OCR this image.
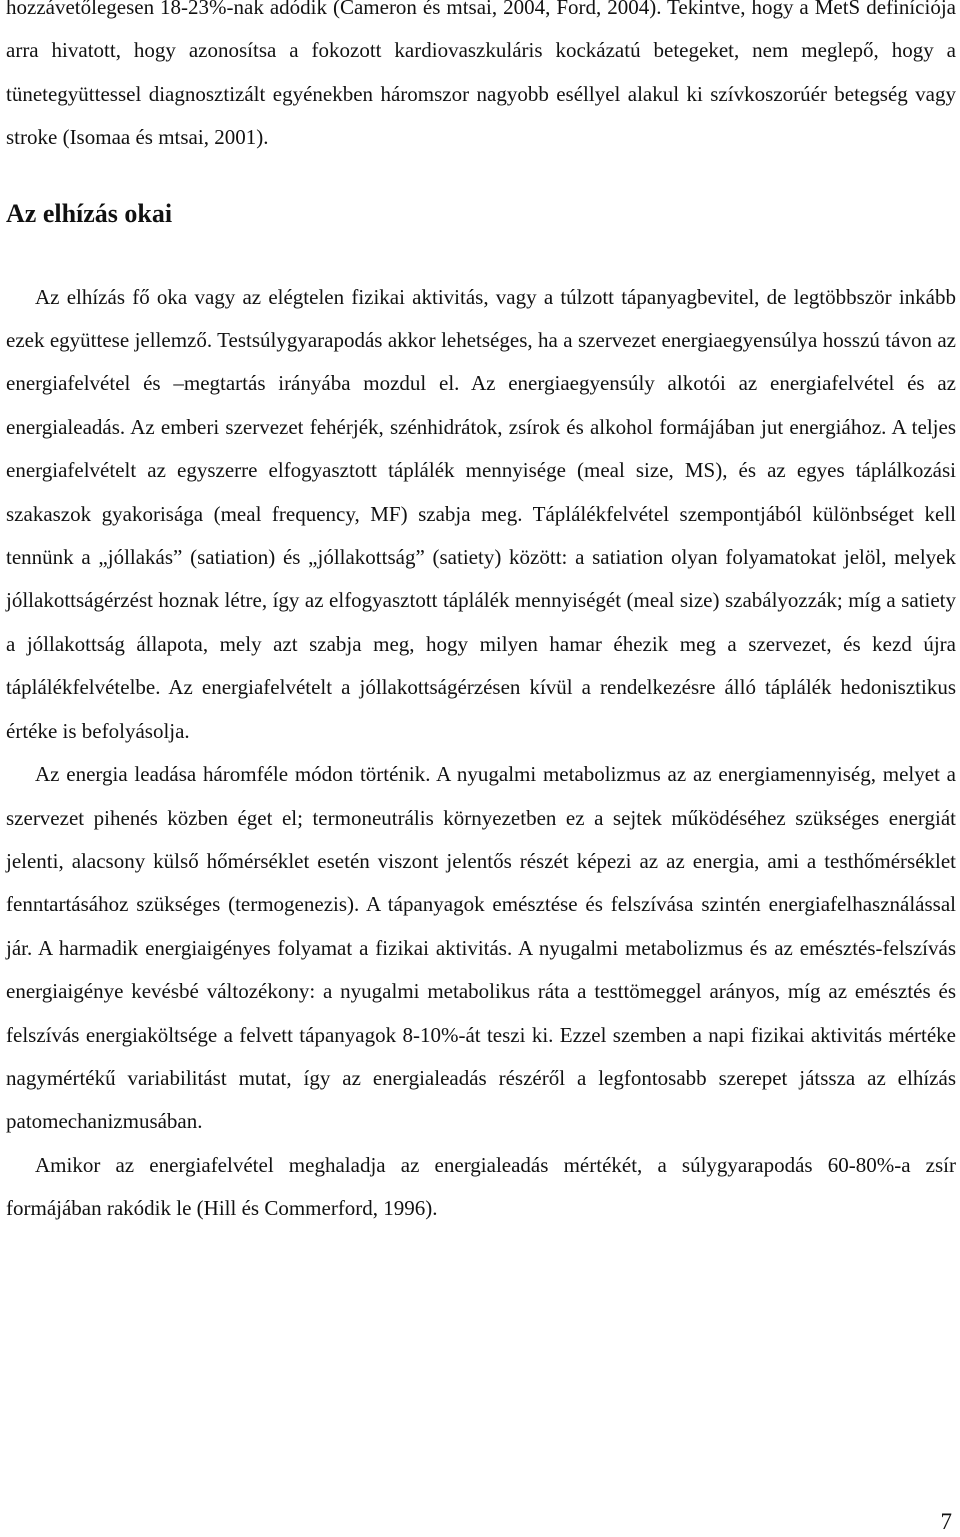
hozzávetőlegesen 18-23%-nak adódik (Cameron és mtsai, 2004, Ford, 2004). Tekintve, hogy a MetS definíciója arra hivatott, hogy azonosítsa a fokozott kardiovaszkuláris kockázatú betegeket, nem meglepő, hogy a tünetegyüttessel diagnosztizált egyénekben háromszor nagyobb eséllyel alakul ki szívkoszorúér betegség vagy stroke (Isomaa és mtsai, 2001).

Az elhízás okai

Az elhízás fő oka vagy az elégtelen fizikai aktivitás, vagy a túlzott tápanyagbevitel, de legtöbbször inkább ezek együttese jellemző. Testsúlygyarapodás akkor lehetséges, ha a szervezet energiaegyensúlya hosszú távon az energiafelvétel és –megtartás irányába mozdul el. Az energiaegyensúly alkotói az energiafelvétel és az energialeadás. Az emberi szervezet fehérjék, szénhidrátok, zsírok és alkohol formájában jut energiához. A teljes energiafelvételt az egyszerre elfogyasztott táplálék mennyisége (meal size, MS), és az egyes táplálkozási szakaszok gyakorisága (meal frequency, MF) szabja meg. Táplálékfelvétel szempontjából különbséget kell tennünk a „jóllakás” (satiation) és „jóllakottság” (satiety) között: a satiation olyan folyamatokat jelöl, melyek jóllakottságérzést hoznak létre, így az elfogyasztott táplálék mennyiségét (meal size) szabályozzák; míg a satiety a jóllakottság állapota, mely azt szabja meg, hogy milyen hamar éhezik meg a szervezet, és kezd újra táplálékfelvételbe. Az energiafelvételt a jóllakottságérzésen kívül a rendelkezésre álló táplálék hedonisztikus értéke is befolyásolja.

Az energia leadása háromféle módon történik. A nyugalmi metabolizmus az az energiamennyiség, melyet a szervezet pihenés közben éget el; termoneutrális környezetben ez a sejtek működéséhez szükséges energiát jelenti, alacsony külső hőmérséklet esetén viszont jelentős részét képezi az az energia, ami a testhőmérséklet fenntartásához szükséges (termogenezis). A tápanyagok emésztése és felszívása szintén energiafelhasználással jár. A harmadik energiaigényes folyamat a fizikai aktivitás. A nyugalmi metabolizmus és az emésztés-felszívás energiaigénye kevésbé változékony: a nyugalmi metabolikus ráta a testtömeggel arányos, míg az emésztés és felszívás energiaköltsége a felvett tápanyagok 8-10%-át teszi ki. Ezzel szemben a napi fizikai aktivitás mértéke nagymértékű variabilitást mutat, így az energialeadás részéről a legfontosabb szerepet játssza az elhízás patomechanizmusában.

Amikor az energiafelvétel meghaladja az energialeadás mértékét, a súlygyarapodás 60-80%-a zsír formájában rakódik le (Hill és Commerford, 1996).

7
